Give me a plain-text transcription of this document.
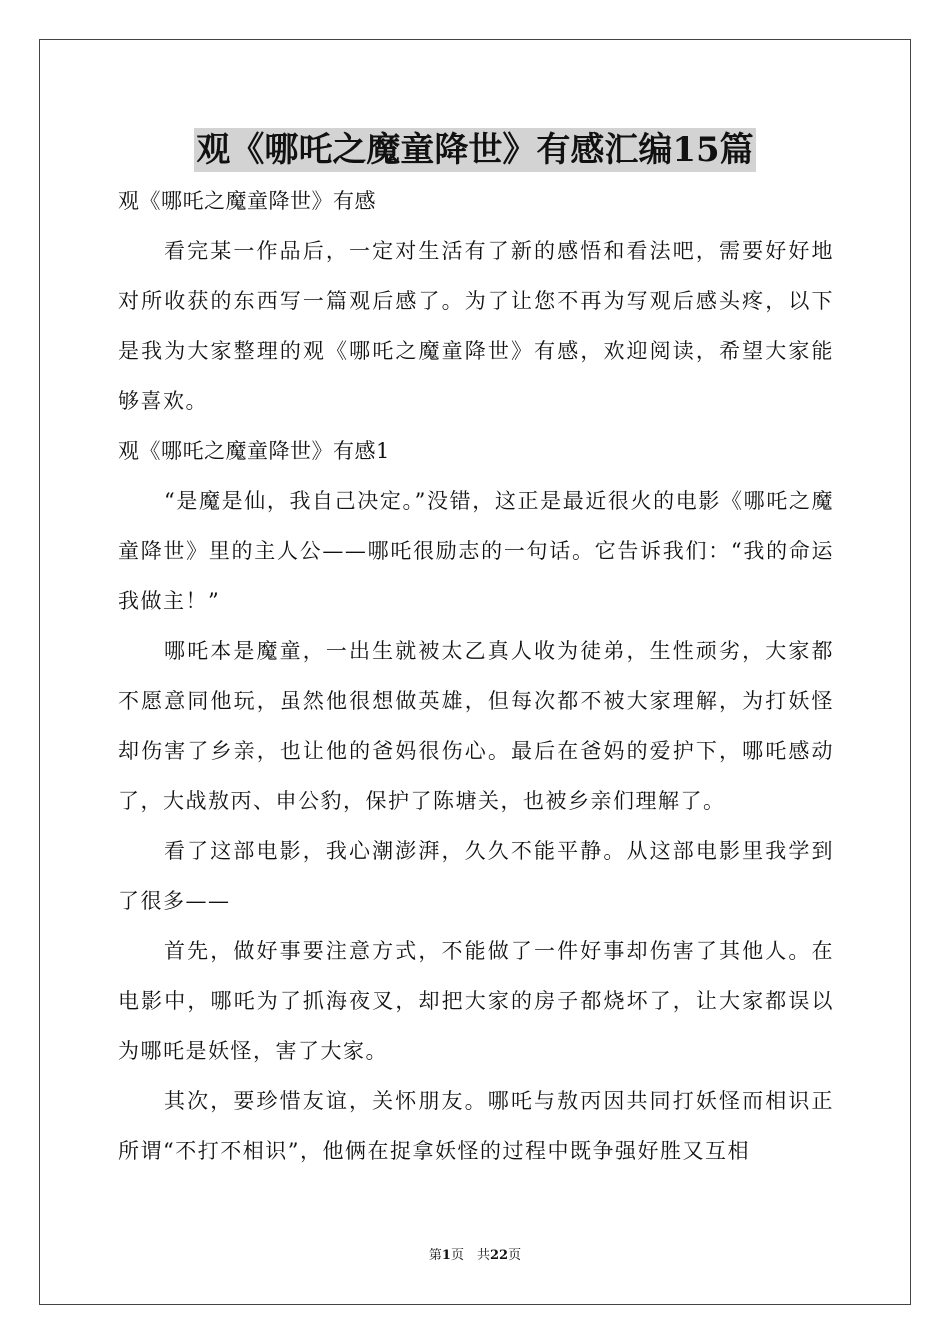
观《哪吒之魔童降世》有感汇编15篇

观《哪吒之魔童降世》有感

看完某一作品后，一定对生活有了新的感悟和看法吧，需要好好地对所收获的东西写一篇观后感了。为了让您不再为写观后感头疼，以下是我为大家整理的观《哪吒之魔童降世》有感，欢迎阅读，希望大家能够喜欢。

观《哪吒之魔童降世》有感1

“是魔是仙，我自己决定。”没错，这正是最近很火的电影《哪吒之魔童降世》里的主人公——哪吒很励志的一句话。它告诉我们：“我的命运我做主！”

哪吒本是魔童，一出生就被太乙真人收为徒弟，生性顽劣，大家都不愿意同他玩，虽然他很想做英雄，但每次都不被大家理解，为打妖怪却伤害了乡亲，也让他的爸妈很伤心。最后在爸妈的爱护下，哪吒感动了，大战敖丙、申公豹，保护了陈塘关，也被乡亲们理解了。

看了这部电影，我心潮澎湃，久久不能平静。从这部电影里我学到了很多——

首先，做好事要注意方式，不能做了一件好事却伤害了其他人。在电影中，哪吒为了抓海夜叉，却把大家的房子都烧坏了，让大家都误以为哪吒是妖怪，害了大家。

其次，要珍惜友谊，关怀朋友。哪吒与敖丙因共同打妖怪而相识正所谓“不打不相识”，他俩在捉拿妖怪的过程中既争强好胜又互相

第1页　共22页
